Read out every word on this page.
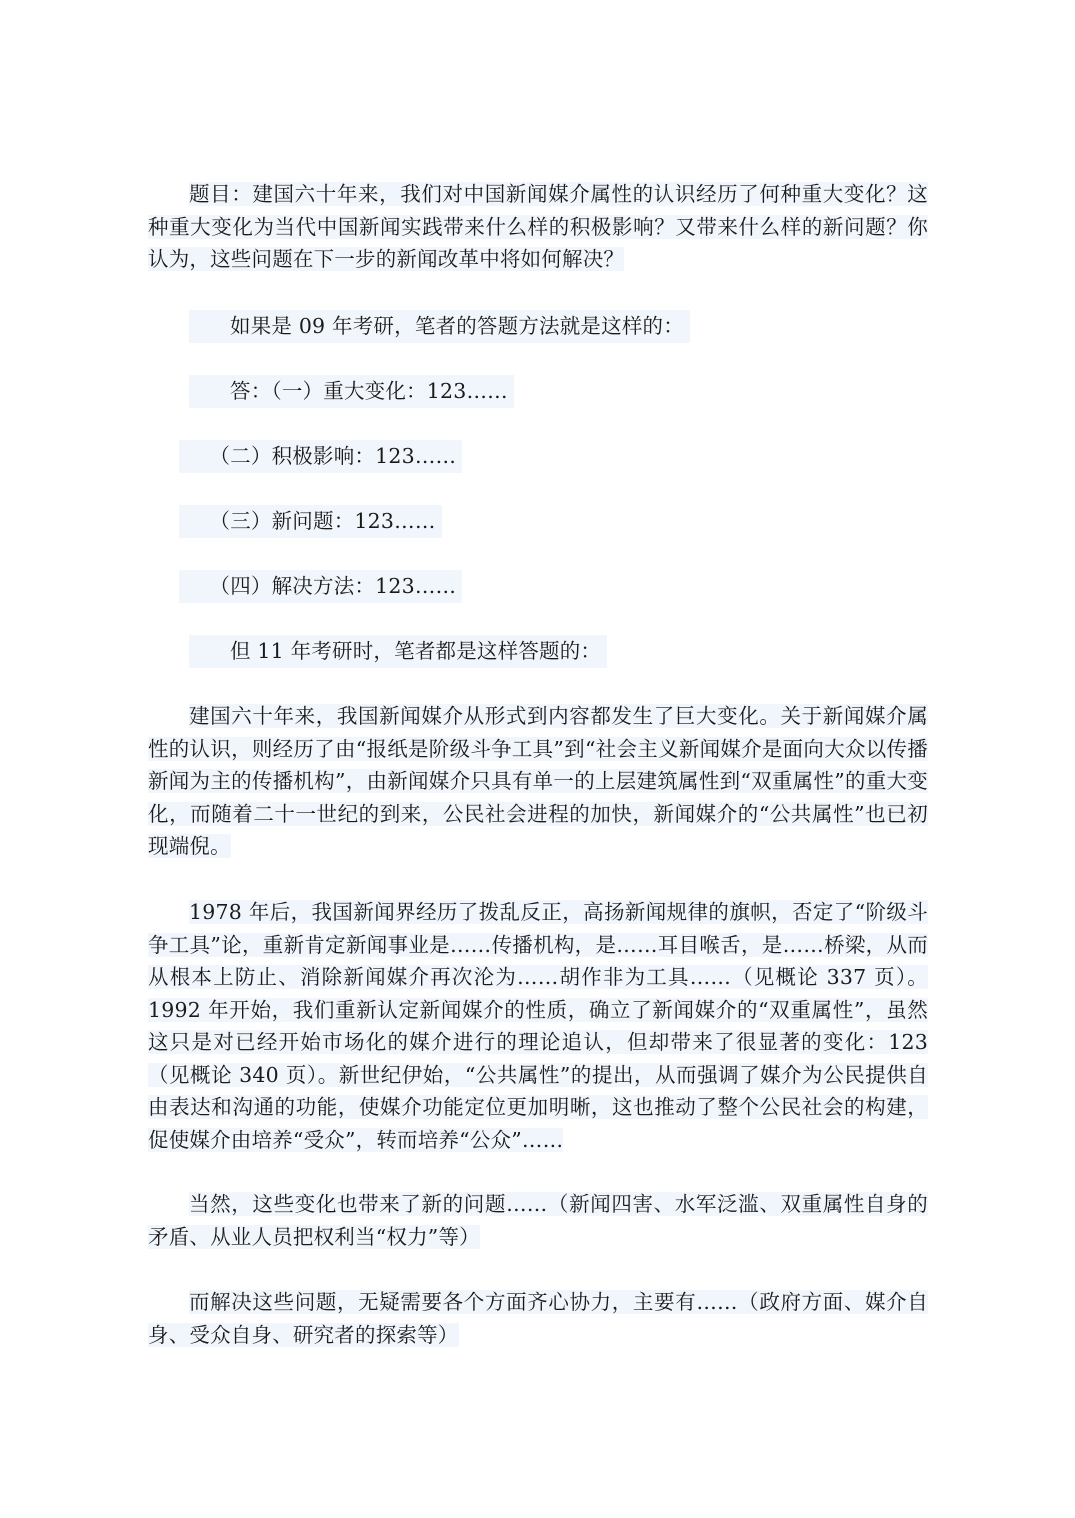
题目：建国六十年来，我们对中国新闻媒介属性的认识经历了何种重大变化？这种重大变化为当代中国新闻实践带来什么样的积极影响？又带来什么样的新问题？你认为，这些问题在下一步的新闻改革中将如何解决？

如果是 09 年考研，笔者的答题方法就是这样的：

答：（一）重大变化：123……

（二）积极影响：123……

（三）新问题：123……

（四）解决方法：123……

但 11 年考研时，笔者都是这样答题的：

建国六十年来，我国新闻媒介从形式到内容都发生了巨大变化。关于新闻媒介属性的认识，则经历了由“报纸是阶级斗争工具”到“社会主义新闻媒介是面向大众以传播新闻为主的传播机构”，由新闻媒介只具有单一的上层建筑属性到“双重属性”的重大变化，而随着二十一世纪的到来，公民社会进程的加快，新闻媒介的“公共属性”也已初现端倪。

1978 年后，我国新闻界经历了拨乱反正，高扬新闻规律的旗帜，否定了“阶级斗争工具”论，重新肯定新闻事业是……传播机构，是……耳目喉舌，是……桥梁，从而从根本上防止、消除新闻媒介再次沦为……胡作非为工具……（见概论 337 页）。1992 年开始，我们重新认定新闻媒介的性质，确立了新闻媒介的“双重属性”，虽然这只是对已经开始市场化的媒介进行的理论追认，但却带来了很显著的变化：123（见概论 340 页）。新世纪伊始，“公共属性”的提出，从而强调了媒介为公民提供自由表达和沟通的功能，使媒介功能定位更加明晰，这也推动了整个公民社会的构建，促使媒介由培养“受众”，转而培养“公众”……

当然，这些变化也带来了新的问题……（新闻四害、水军泛滥、双重属性自身的矛盾、从业人员把权利当“权力”等）

而解决这些问题，无疑需要各个方面齐心协力，主要有……（政府方面、媒介自身、受众自身、研究者的探索等）
